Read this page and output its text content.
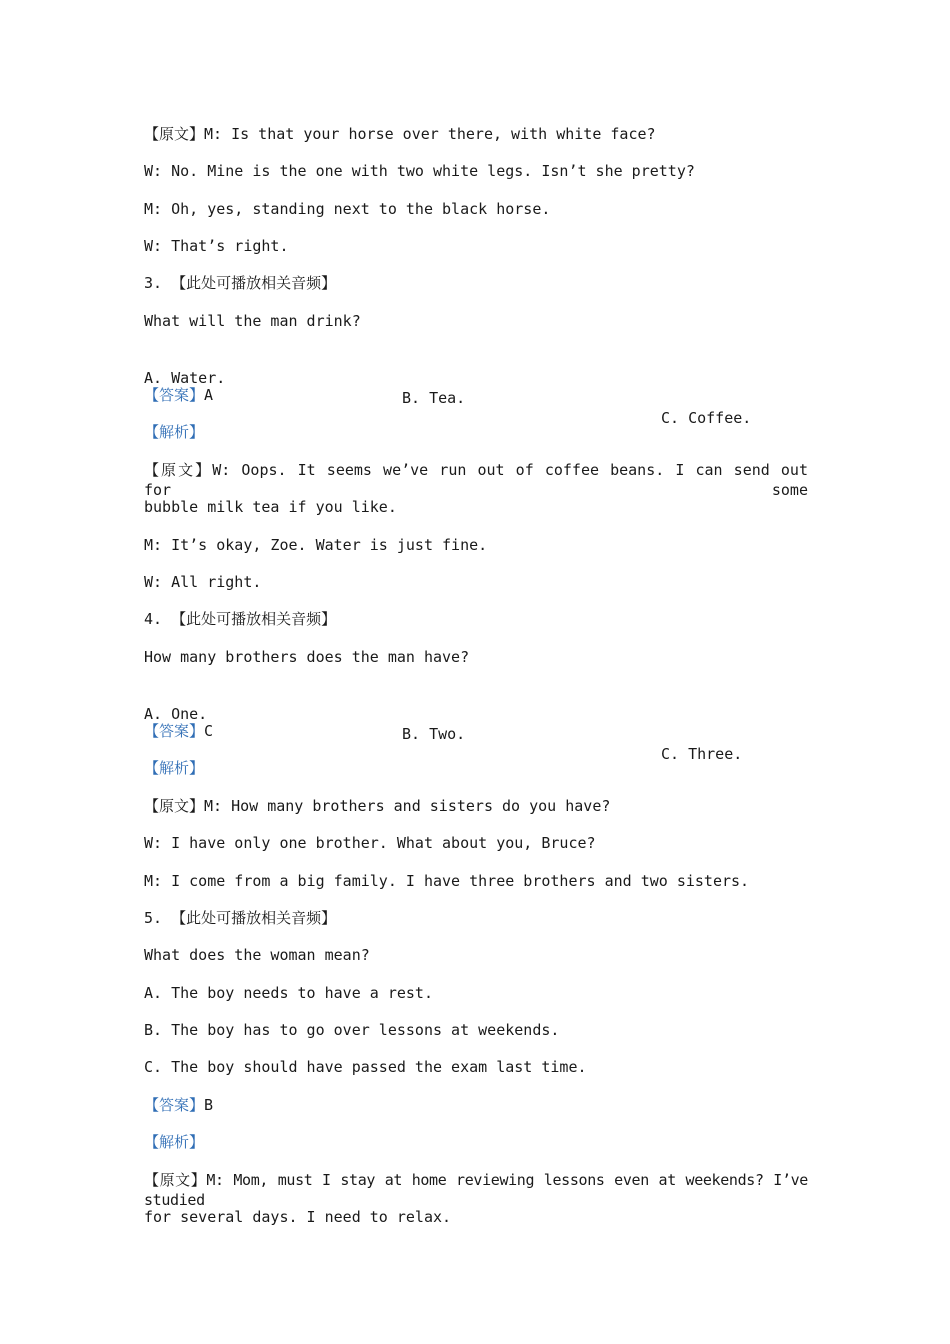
【原文】M: Is that your horse over there, with white face?
W: No. Mine is the one with two white legs. Isn’t she pretty?
M: Oh, yes, standing next to the black horse.
W: That’s right.
3. 【此处可播放相关音频】
What will the man drink?

A. Water.

B. Tea.

C. Coffee.

【答案】A
【解析】
【原文】W: Oops. It seems we’ve run out of coffee beans. I can send out for some
bubble milk tea if you like.
M: It’s okay, Zoe. Water is just fine.
W: All right.
4. 【此处可播放相关音频】
How many brothers does the man have?

A. One.

B. Two.

C. Three.

【答案】C
【解析】
【原文】M: How many brothers and sisters do you have?
W: I have only one brother. What about you, Bruce?
M: I come from a big family. I have three brothers and two sisters.
5. 【此处可播放相关音频】
What does the woman mean?
A. The boy needs to have a rest.
B. The boy has to go over lessons at weekends.
C. The boy should have passed the exam last time.
【答案】B
【解析】
【原文】M: Mom, must I stay at home reviewing lessons even at weekends? I’ve studied
for several days. I need to relax.
